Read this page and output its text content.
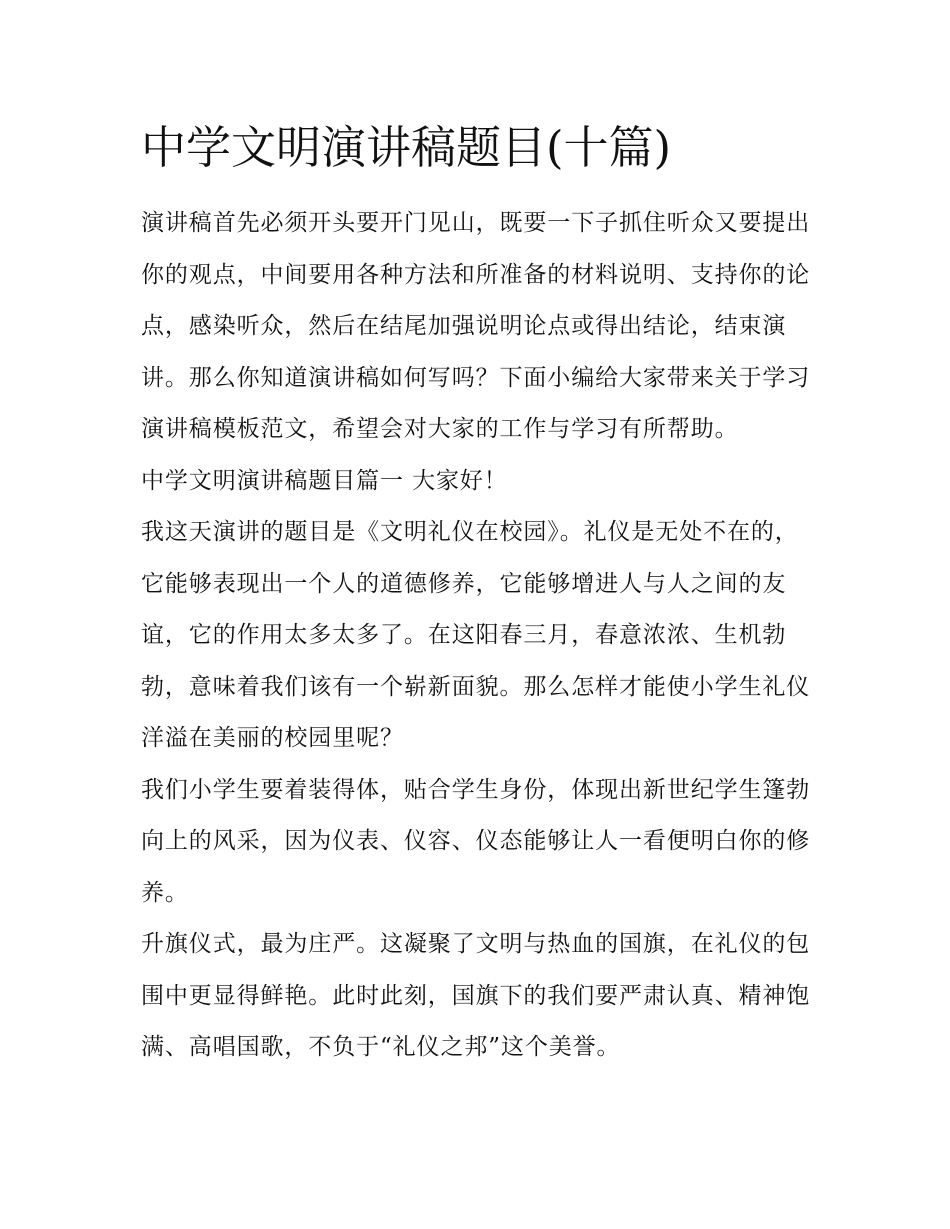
中学文明演讲稿题目(十篇)

演讲稿首先必须开头要开门见山，既要一下子抓住听众又要提出你的观点，中间要用各种方法和所准备的材料说明、支持你的论点，感染听众，然后在结尾加强说明论点或得出结论，结束演讲。那么你知道演讲稿如何写吗？下面小编给大家带来关于学习演讲稿模板范文，希望会对大家的工作与学习有所帮助。

中学文明演讲稿题目篇一 大家好！

我这天演讲的题目是《文明礼仪在校园》。礼仪是无处不在的，它能够表现出一个人的道德修养，它能够增进人与人之间的友谊，它的作用太多太多了。在这阳春三月，春意浓浓、生机勃勃，意味着我们该有一个崭新面貌。那么怎样才能使小学生礼仪洋溢在美丽的校园里呢？

我们小学生要着装得体，贴合学生身份，体现出新世纪学生篷勃向上的风采，因为仪表、仪容、仪态能够让人一看便明白你的修养。

升旗仪式，最为庄严。这凝聚了文明与热血的国旗，在礼仪的包围中更显得鲜艳。此时此刻，国旗下的我们要严肃认真、精神饱满、高唱国歌，不负于“礼仪之邦”这个美誉。
